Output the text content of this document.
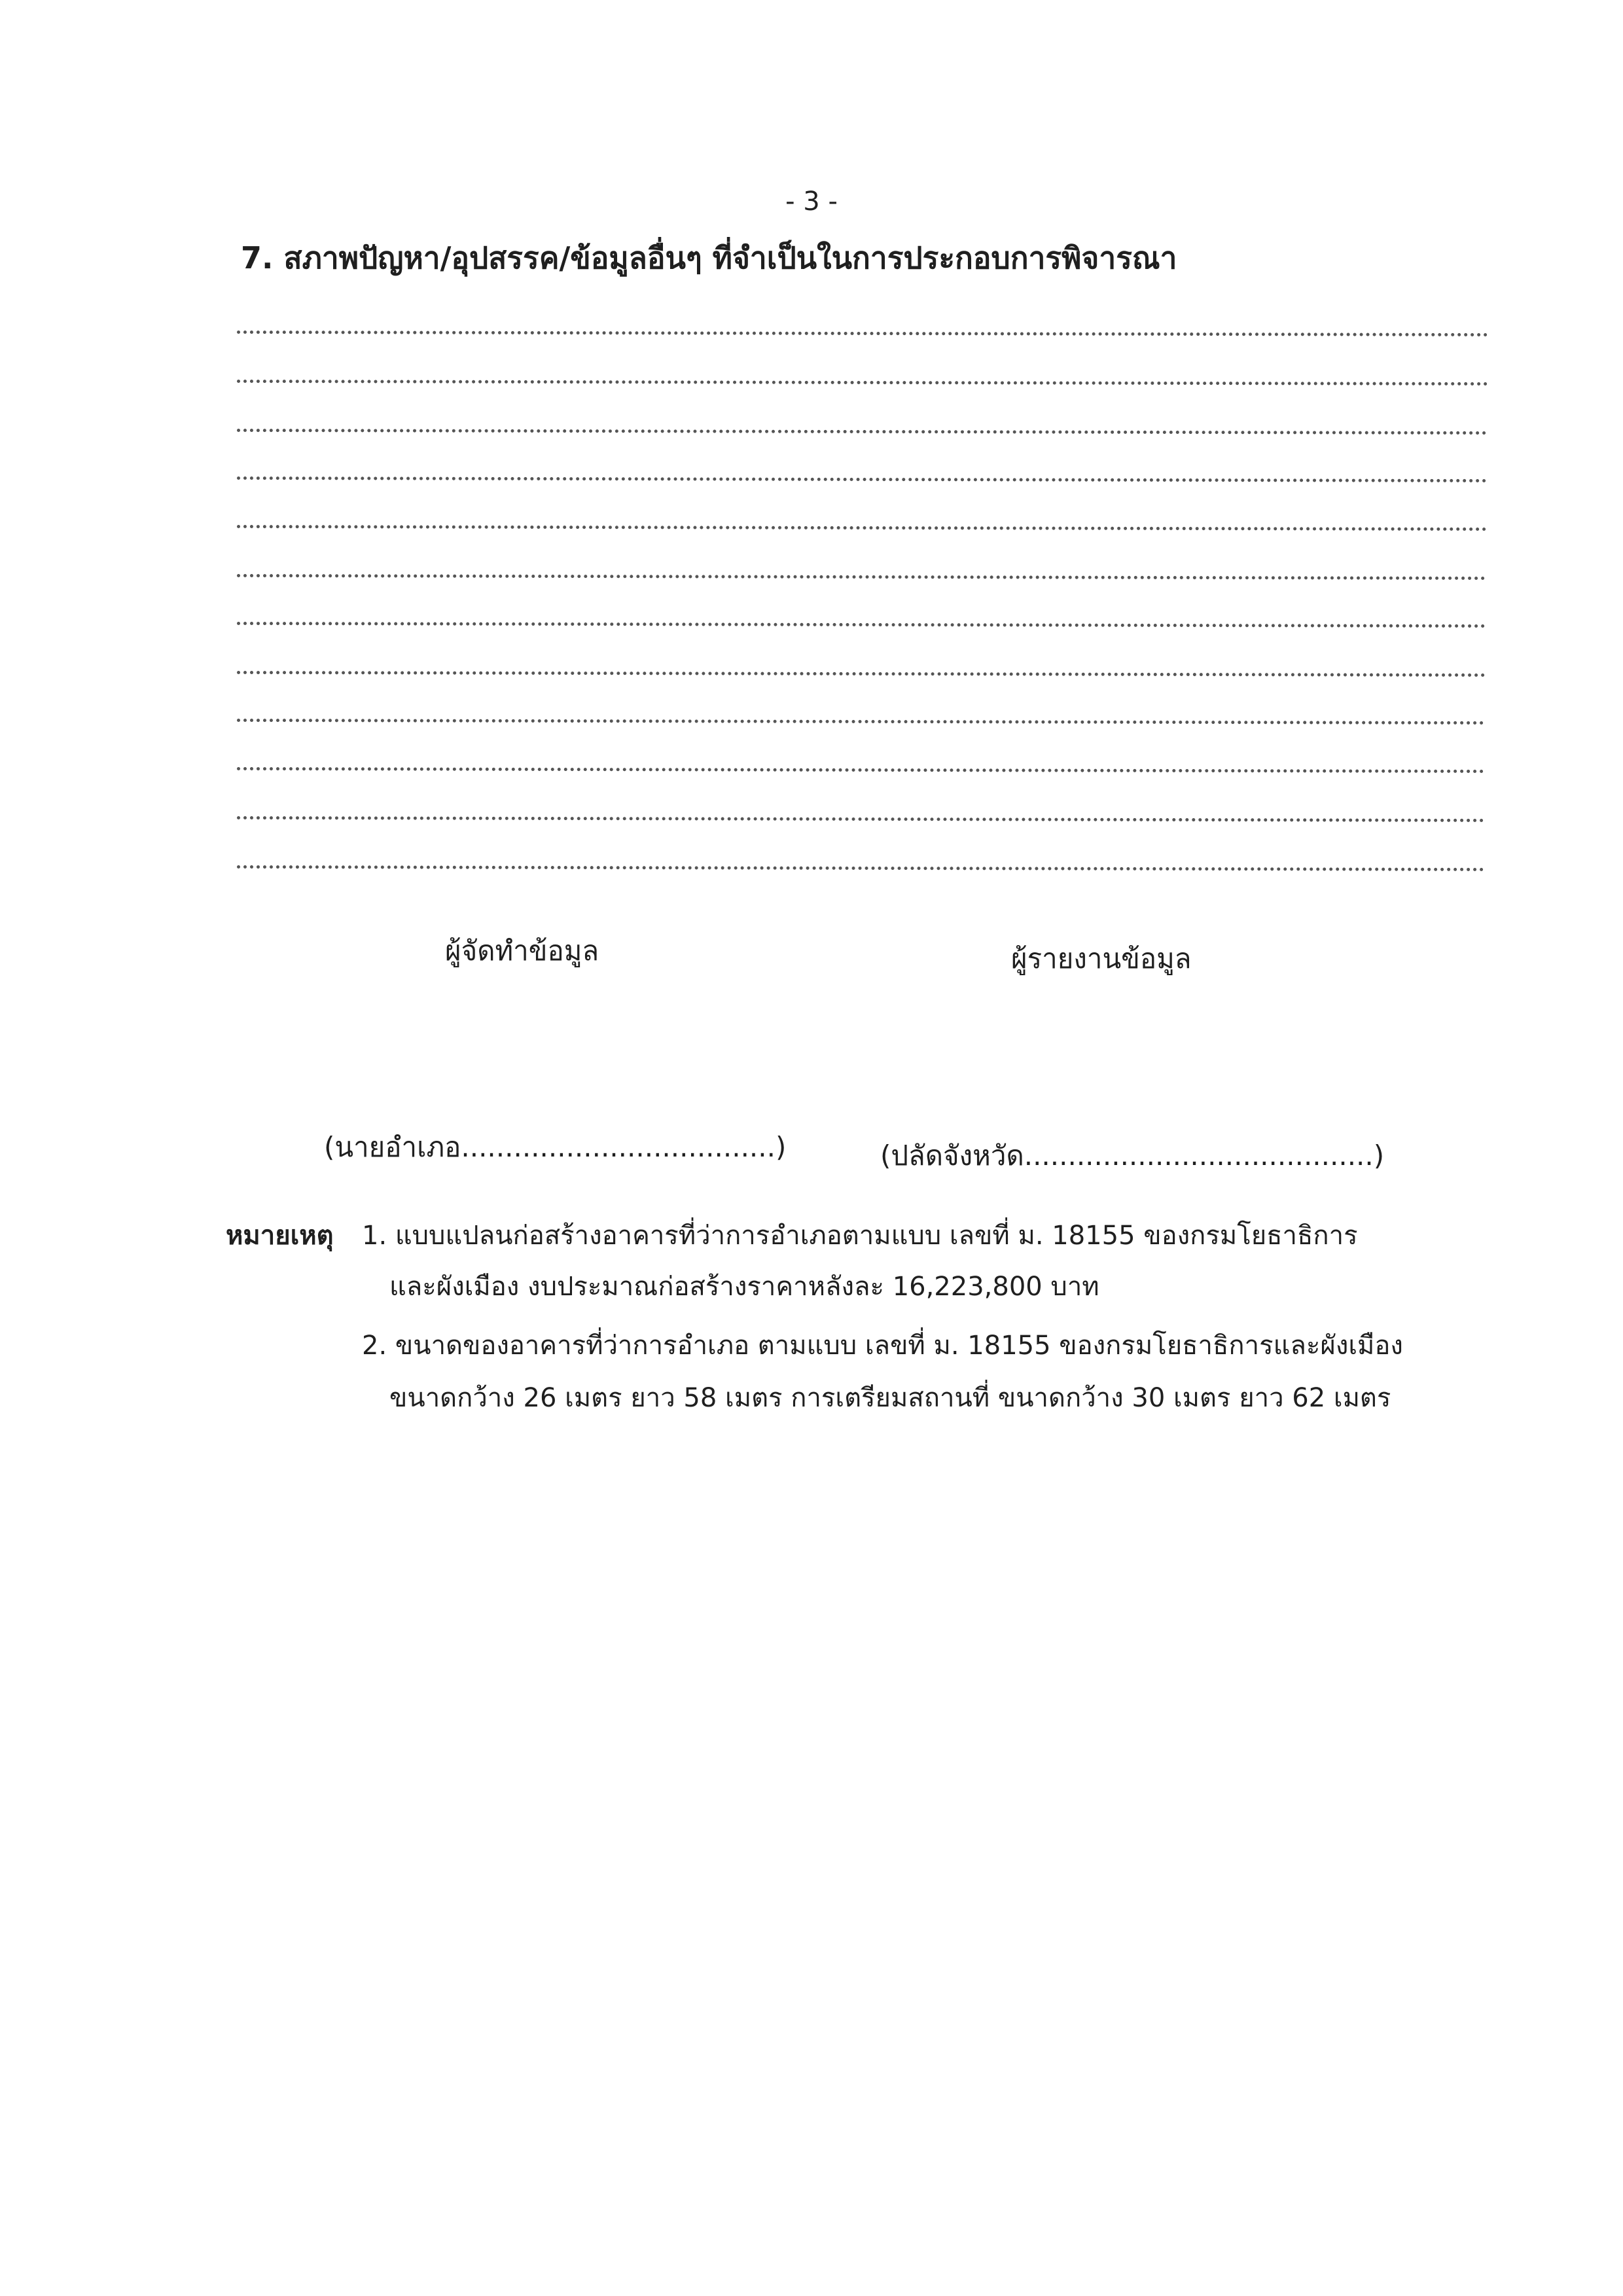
- 3 -
7. สภาพปัญหา/อุปสรรค/ข้อมูลอื่นๆ ที่จำเป็นในการประกอบการพิจารณา
ผู้จัดทำข้อมูล	ผู้รายงานข้อมูล
(นายอำเภอ....................................)	(ปลัดจังหวัด........................................)
หมายเหตุ 1. แบบแปลนก่อสร้างอาคารที่ว่าการอำเภอตามแบบ เลขที่ ม. 18155 ของกรมโยธาธิการ
และผังเมือง งบประมาณก่อสร้างราคาหลังละ 16,223,800 บาท
2. ขนาดของอาคารที่ว่าการอำเภอ ตามแบบ เลขที่ ม. 18155 ของกรมโยธาธิการและผังเมือง
ขนาดกว้าง 26 เมตร ยาว 58 เมตร การเตรียมสถานที่ ขนาดกว้าง 30 เมตร ยาว 62 เมตร
